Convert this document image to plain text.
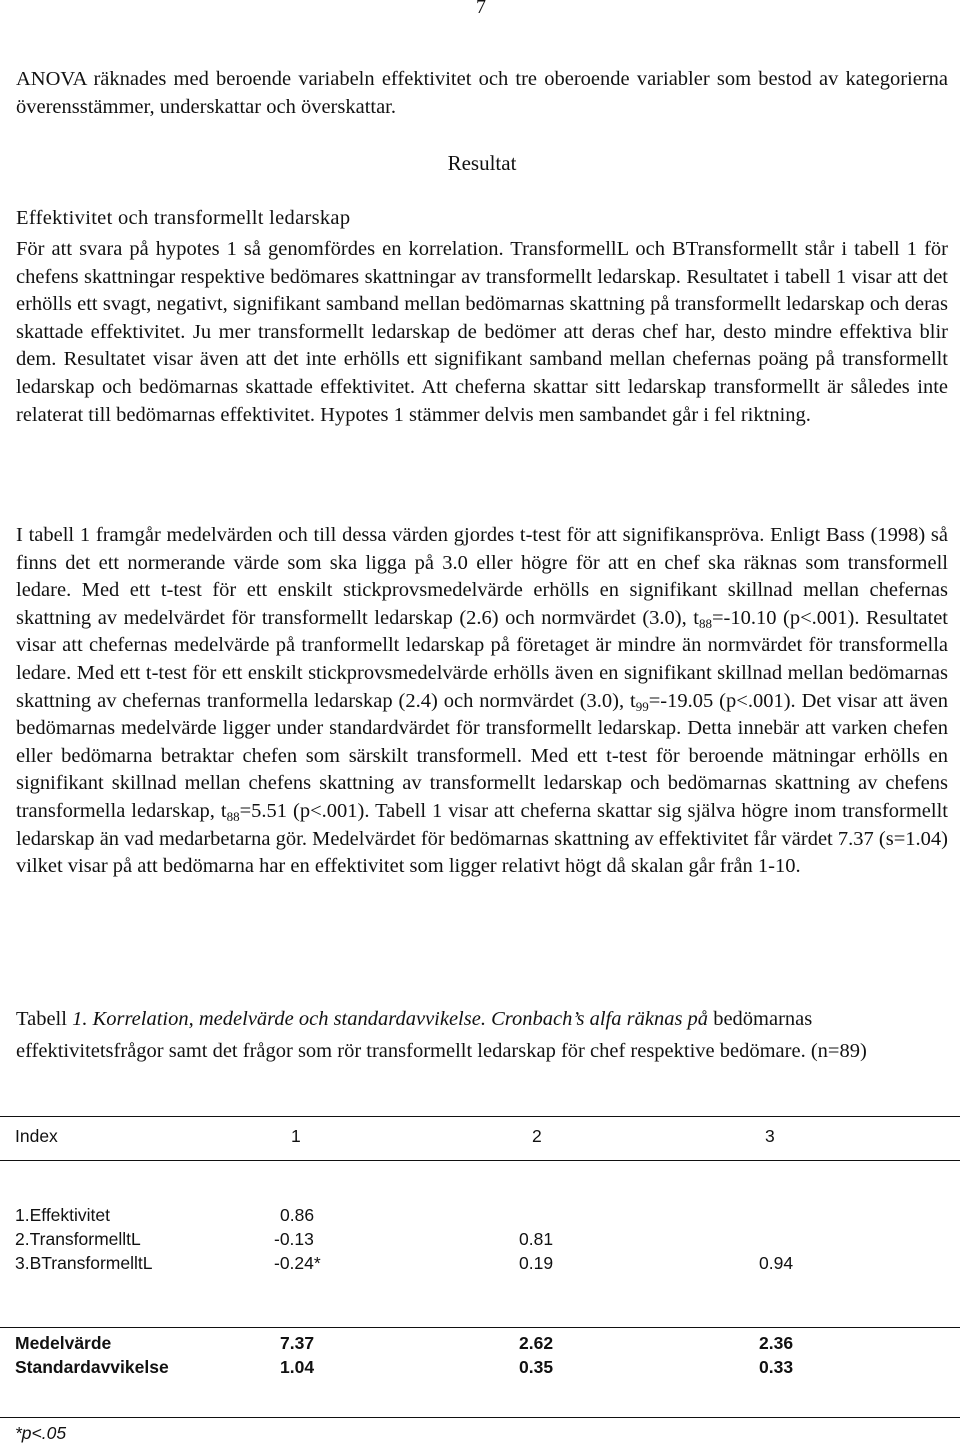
7

ANOVA räknades med beroende variabeln effektivitet och tre oberoende variabler som bestod av kategorierna överensstämmer, underskattar och överskattar.

Resultat
Effektivitet och transformellt ledarskap

För att svara på hypotes 1 så genomfördes en korrelation. TransformellL och BTransformellt står i tabell 1 för chefens skattningar respektive bedömares skattningar av transformellt ledarskap. Resultatet i tabell 1 visar att det erhölls ett svagt, negativt, signifikant samband mellan bedömarnas skattning på transformellt ledarskap och deras skattade effektivitet. Ju mer transformellt ledarskap de bedömer att deras chef har, desto mindre effektiva blir dem. Resultatet visar även att det inte erhölls ett signifikant samband mellan chefernas poäng på transformellt ledarskap och bedömarnas skattade effektivitet. Att cheferna skattar sitt ledarskap transformellt är således inte relaterat till bedömarnas effektivitet. Hypotes 1 stämmer delvis men sambandet går i fel riktning.

I tabell 1 framgår medelvärden och till dessa värden gjordes t-test för att signifikanspröva. Enligt Bass (1998) så finns det ett normerande värde som ska ligga på 3.0 eller högre för att en chef ska räknas som transformell ledare. Med ett t-test för ett enskilt stickprovsmedelvärde erhölls en signifikant skillnad mellan chefernas skattning av medelvärdet för transformellt ledarskap (2.6) och normvärdet (3.0), $t_{88}=-10.10$ (p<.001). Resultatet visar att chefernas medelvärde på tranformellt ledarskap på företaget är mindre än normvärdet för transformella ledare. Med ett t-test för ett enskilt stickprovsmedelvärde erhölls även en signifikant skillnad mellan bedömarnas skattning av chefernas tranformella ledarskap (2.4) och normvärdet (3.0), $t_{99}=-19.05$ (p<.001). Det visar att även bedömarnas medelvärde ligger under standardvärdet för transformellt ledarskap. Detta innebär att varken chefen eller bedömarna betraktar chefen som särskilt transformell. Med ett t-test för beroende mätningar erhölls en signifikant skillnad mellan chefens skattning av transformellt ledarskap och bedömarnas skattning av chefens transformella ledarskap, $t_{88}=5.51$ (p<.001). Tabell 1 visar att cheferna skattar sig själva högre inom transformellt ledarskap än vad medarbetarna gör. Medelvärdet för bedömarnas skattning av effektivitet får värdet 7.37 (s=1.04) vilket visar på att bedömarna har en effektivitet som ligger relativt högt då skalan går från 1-10.

Tabell 1. Korrelation, medelvärde och standardavvikelse. Cronbach’s alfa räknas på bedömarnas effektivitetsfrågor samt det frågor som rör transformellt ledarskap för chef respektive bedömare. (n=89)

Index	1	2	3
1.Effektivitet	0.86
2.TransformelltL	-0.13	0.81
3.BTransformelltL	-0.24*	0.19	0.94
Medelvärde	7.37	2.62	2.36
Standardavvikelse	1.04	0.35	0.33
*p<.05
